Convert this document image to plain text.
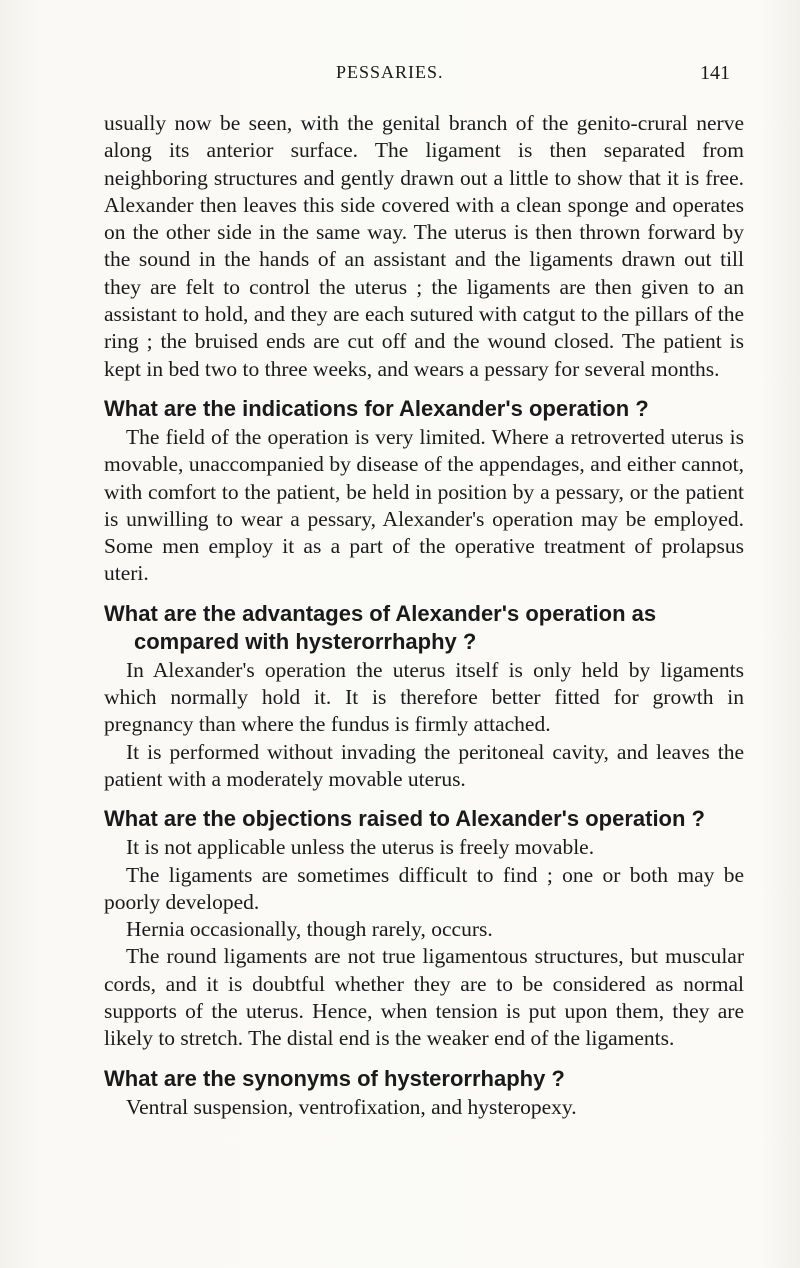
PESSARIES.	141

usually now be seen, with the genital branch of the genito-crural nerve along its anterior surface. The ligament is then separated from neighboring structures and gently drawn out a little to show that it is free. Alexander then leaves this side covered with a clean sponge and operates on the other side in the same way. The uterus is then thrown forward by the sound in the hands of an assistant and the ligaments drawn out till they are felt to control the uterus ; the ligaments are then given to an assistant to hold, and they are each sutured with catgut to the pillars of the ring ; the bruised ends are cut off and the wound closed. The patient is kept in bed two to three weeks, and wears a pessary for several months.

What are the indications for Alexander's operation ?

The field of the operation is very limited. Where a retroverted uterus is movable, unaccompanied by disease of the appendages, and either cannot, with comfort to the patient, be held in position by a pessary, or the patient is unwilling to wear a pessary, Alexander's operation may be employed. Some men employ it as a part of the operative treatment of prolapsus uteri.

What are the advantages of Alexander's operation as compared with hysterorrhaphy ?

In Alexander's operation the uterus itself is only held by ligaments which normally hold it. It is therefore better fitted for growth in pregnancy than where the fundus is firmly attached.

It is performed without invading the peritoneal cavity, and leaves the patient with a moderately movable uterus.

What are the objections raised to Alexander's operation ?

It is not applicable unless the uterus is freely movable.

The ligaments are sometimes difficult to find ; one or both may be poorly developed.

Hernia occasionally, though rarely, occurs.

The round ligaments are not true ligamentous structures, but muscular cords, and it is doubtful whether they are to be considered as normal supports of the uterus. Hence, when tension is put upon them, they are likely to stretch. The distal end is the weaker end of the ligaments.

What are the synonyms of hysterorrhaphy ?

Ventral suspension, ventrofixation, and hysteropexy.
